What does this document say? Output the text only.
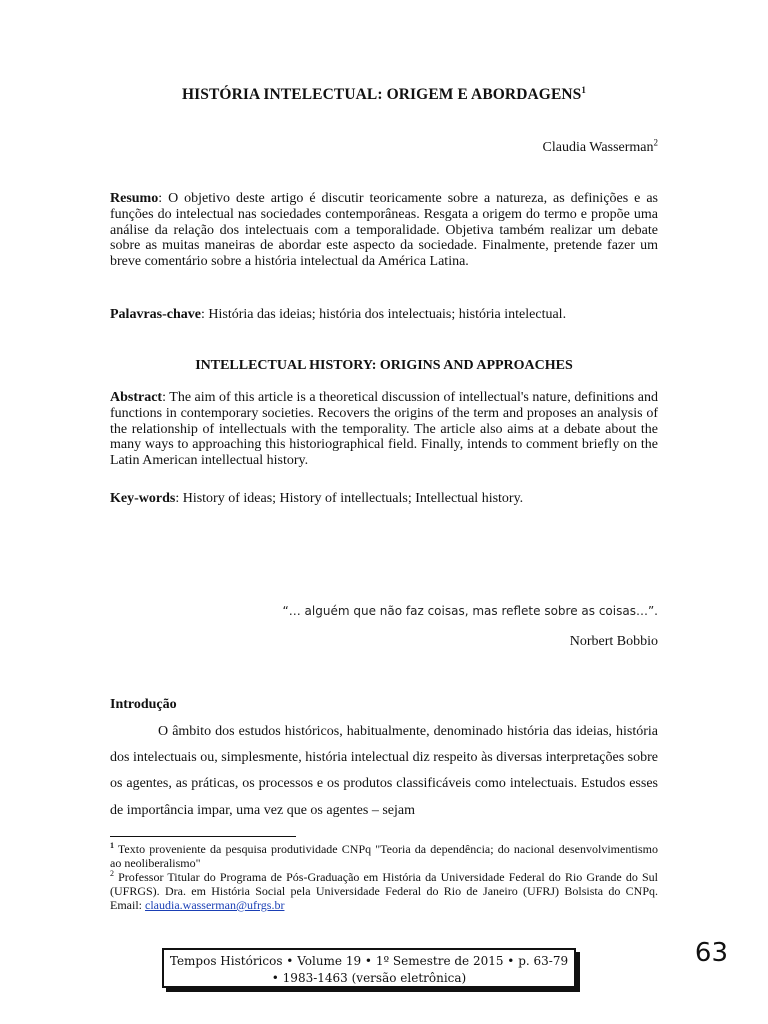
HISTÓRIA INTELECTUAL: ORIGEM E ABORDAGENS$^1$
Claudia Wasserman$^2$
Resumo: O objetivo deste artigo é discutir teoricamente sobre a natureza, as definições e as funções do intelectual nas sociedades contemporâneas. Resgata a origem do termo e propõe uma análise da relação dos intelectuais com a temporalidade. Objetiva também realizar um debate sobre as muitas maneiras de abordar este aspecto da sociedade. Finalmente, pretende fazer um breve comentário sobre a história intelectual da América Latina.
Palavras-chave: História das ideias; história dos intelectuais; história intelectual.
INTELLECTUAL HISTORY: ORIGINS AND APPROACHES
Abstract: The aim of this article is a theoretical discussion of intellectual's nature, definitions and functions in contemporary societies. Recovers the origins of the term and proposes an analysis of the relationship of intellectuals with the temporality. The article also aims at a debate about the many ways to approaching this historiographical field. Finally, intends to comment briefly on the Latin American intellectual history.
Key-words: History of ideas; History of intellectuals; Intellectual history.
“… alguém que não faz coisas, mas reflete sobre as coisas…”.
Norbert Bobbio
Introdução
O âmbito dos estudos históricos, habitualmente, denominado história das ideias, história dos intelectuais ou, simplesmente, história intelectual diz respeito às diversas interpretações sobre os agentes, as práticas, os processos e os produtos classificáveis como intelectuais. Estudos esses de importância impar, uma vez que os agentes – sejam

$^1$ Texto proveniente da pesquisa produtividade CNPq "Teoria da dependência; do nacional desenvolvimentismo ao neoliberalismo"

$^2$ Professor Titular do Programa de Pós-Graduação em História da Universidade Federal do Rio Grande do Sul (UFRGS). Dra. em História Social pela Universidade Federal do Rio de Janeiro (UFRJ) Bolsista do CNPq. Email: claudia.wasserman@ufrgs.br

Tempos Históricos • Volume 19 • 1º Semestre de 2015 • p. 63-79
• 1983-1463 (versão eletrônica)
63
